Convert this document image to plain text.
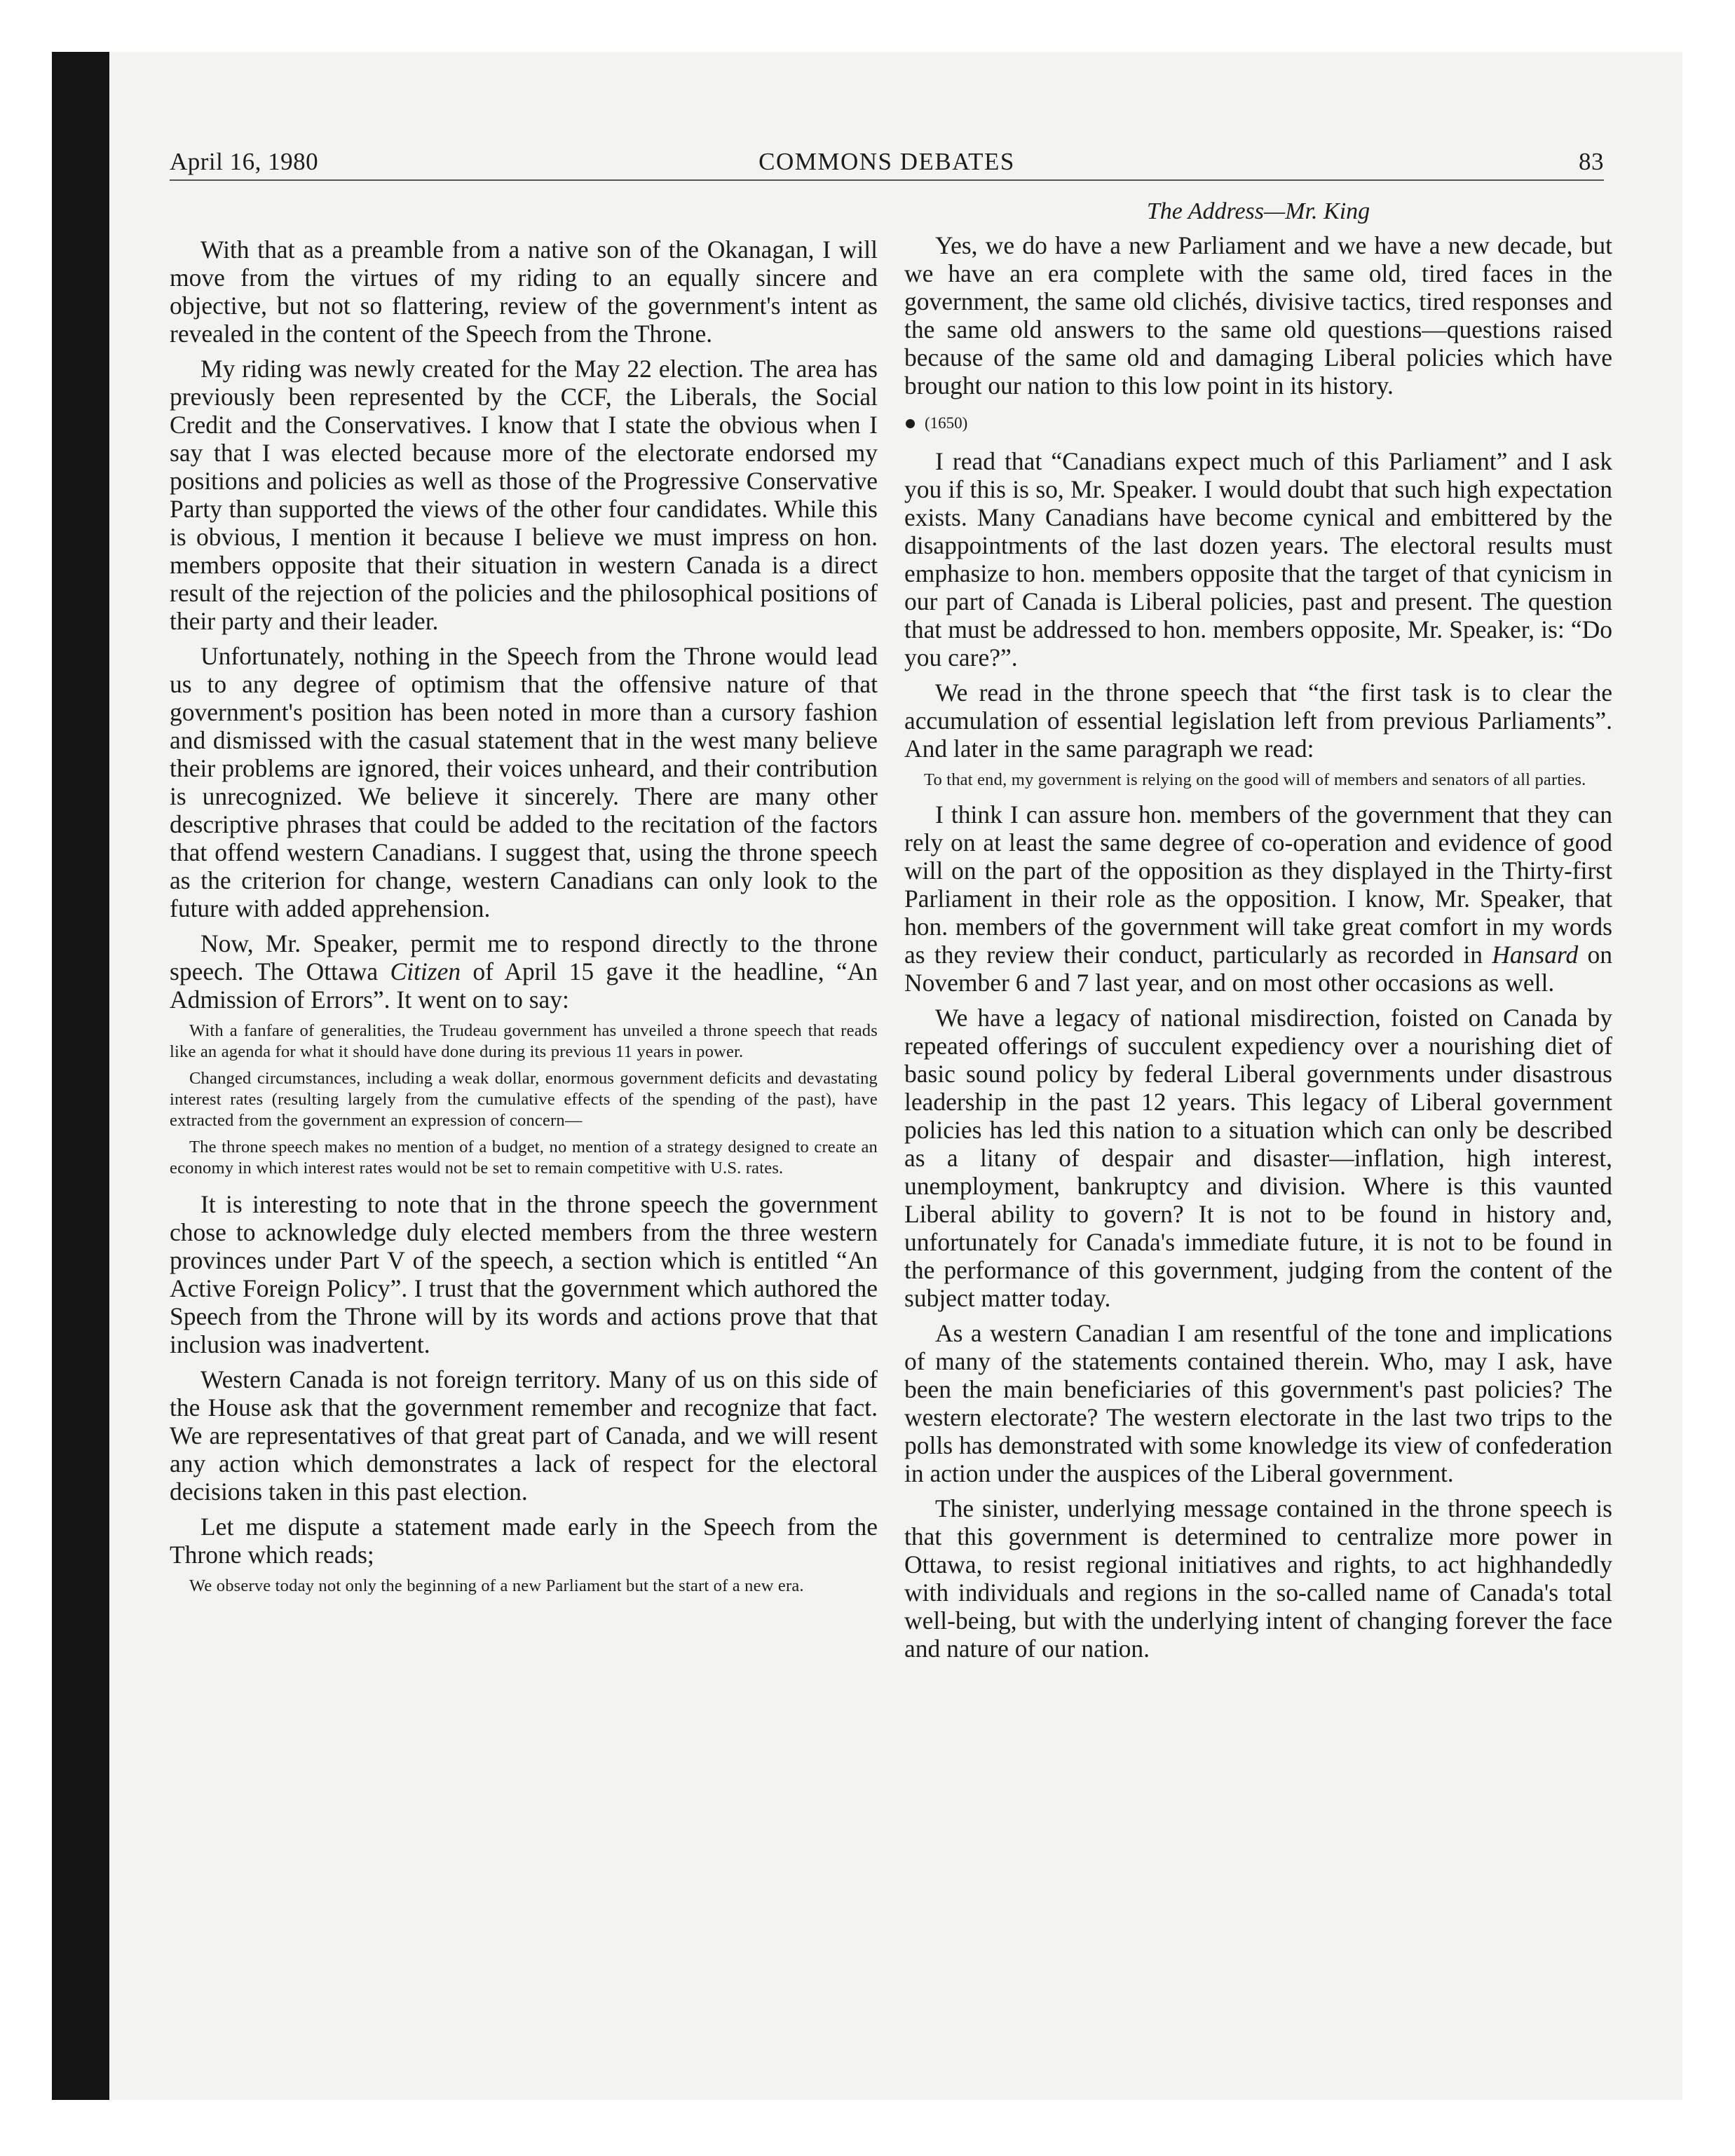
April 16, 1980	COMMONS DEBATES	83

With that as a preamble from a native son of the Okanagan, I will move from the virtues of my riding to an equally sincere and objective, but not so flattering, review of the government's intent as revealed in the content of the Speech from the Throne.

My riding was newly created for the May 22 election. The area has previously been represented by the CCF, the Liberals, the Social Credit and the Conservatives. I know that I state the obvious when I say that I was elected because more of the electorate endorsed my positions and policies as well as those of the Progressive Conservative Party than supported the views of the other four candidates. While this is obvious, I mention it because I believe we must impress on hon. members opposite that their situation in western Canada is a direct result of the rejection of the policies and the philosophical positions of their party and their leader.

Unfortunately, nothing in the Speech from the Throne would lead us to any degree of optimism that the offensive nature of that government's position has been noted in more than a cursory fashion and dismissed with the casual statement that in the west many believe their problems are ignored, their voices unheard, and their contribution is unrecognized. We believe it sincerely. There are many other descriptive phrases that could be added to the recitation of the factors that offend western Canadians. I suggest that, using the throne speech as the criterion for change, western Canadians can only look to the future with added apprehension.

Now, Mr. Speaker, permit me to respond directly to the throne speech. The Ottawa Citizen of April 15 gave it the headline, “An Admission of Errors”. It went on to say:

With a fanfare of generalities, the Trudeau government has unveiled a throne speech that reads like an agenda for what it should have done during its previous 11 years in power.

Changed circumstances, including a weak dollar, enormous government deficits and devastating interest rates (resulting largely from the cumulative effects of the spending of the past), have extracted from the government an expression of concern—

The throne speech makes no mention of a budget, no mention of a strategy designed to create an economy in which interest rates would not be set to remain competitive with U.S. rates.

It is interesting to note that in the throne speech the government chose to acknowledge duly elected members from the three western provinces under Part V of the speech, a section which is entitled “An Active Foreign Policy”. I trust that the government which authored the Speech from the Throne will by its words and actions prove that that inclusion was inadvertent.

Western Canada is not foreign territory. Many of us on this side of the House ask that the government remember and recognize that fact. We are representatives of that great part of Canada, and we will resent any action which demonstrates a lack of respect for the electoral decisions taken in this past election.

Let me dispute a statement made early in the Speech from the Throne which reads;

We observe today not only the beginning of a new Parliament but the start of a new era.

The Address—Mr. King

Yes, we do have a new Parliament and we have a new decade, but we have an era complete with the same old, tired faces in the government, the same old clichés, divisive tactics, tired responses and the same old answers to the same old questions—questions raised because of the same old and damaging Liberal policies which have brought our nation to this low point in its history.

(1650)

I read that “Canadians expect much of this Parliament” and I ask you if this is so, Mr. Speaker. I would doubt that such high expectation exists. Many Canadians have become cynical and embittered by the disappointments of the last dozen years. The electoral results must emphasize to hon. members opposite that the target of that cynicism in our part of Canada is Liberal policies, past and present. The question that must be addressed to hon. members opposite, Mr. Speaker, is: “Do you care?”.

We read in the throne speech that “the first task is to clear the accumulation of essential legislation left from previous Parliaments”. And later in the same paragraph we read:

To that end, my government is relying on the good will of members and senators of all parties.

I think I can assure hon. members of the government that they can rely on at least the same degree of co-operation and evidence of good will on the part of the opposition as they displayed in the Thirty-first Parliament in their role as the opposition. I know, Mr. Speaker, that hon. members of the government will take great comfort in my words as they review their conduct, particularly as recorded in Hansard on November 6 and 7 last year, and on most other occasions as well.

We have a legacy of national misdirection, foisted on Canada by repeated offerings of succulent expediency over a nourishing diet of basic sound policy by federal Liberal governments under disastrous leadership in the past 12 years. This legacy of Liberal government policies has led this nation to a situation which can only be described as a litany of despair and disaster—inflation, high interest, unemployment, bankruptcy and division. Where is this vaunted Liberal ability to govern? It is not to be found in history and, unfortunately for Canada's immediate future, it is not to be found in the performance of this government, judging from the content of the subject matter today.

As a western Canadian I am resentful of the tone and implications of many of the statements contained therein. Who, may I ask, have been the main beneficiaries of this government's past policies? The western electorate? The western electorate in the last two trips to the polls has demonstrated with some knowledge its view of confederation in action under the auspices of the Liberal government.

The sinister, underlying message contained in the throne speech is that this government is determined to centralize more power in Ottawa, to resist regional initiatives and rights, to act highhandedly with individuals and regions in the so-called name of Canada's total well-being, but with the underlying intent of changing forever the face and nature of our nation.
